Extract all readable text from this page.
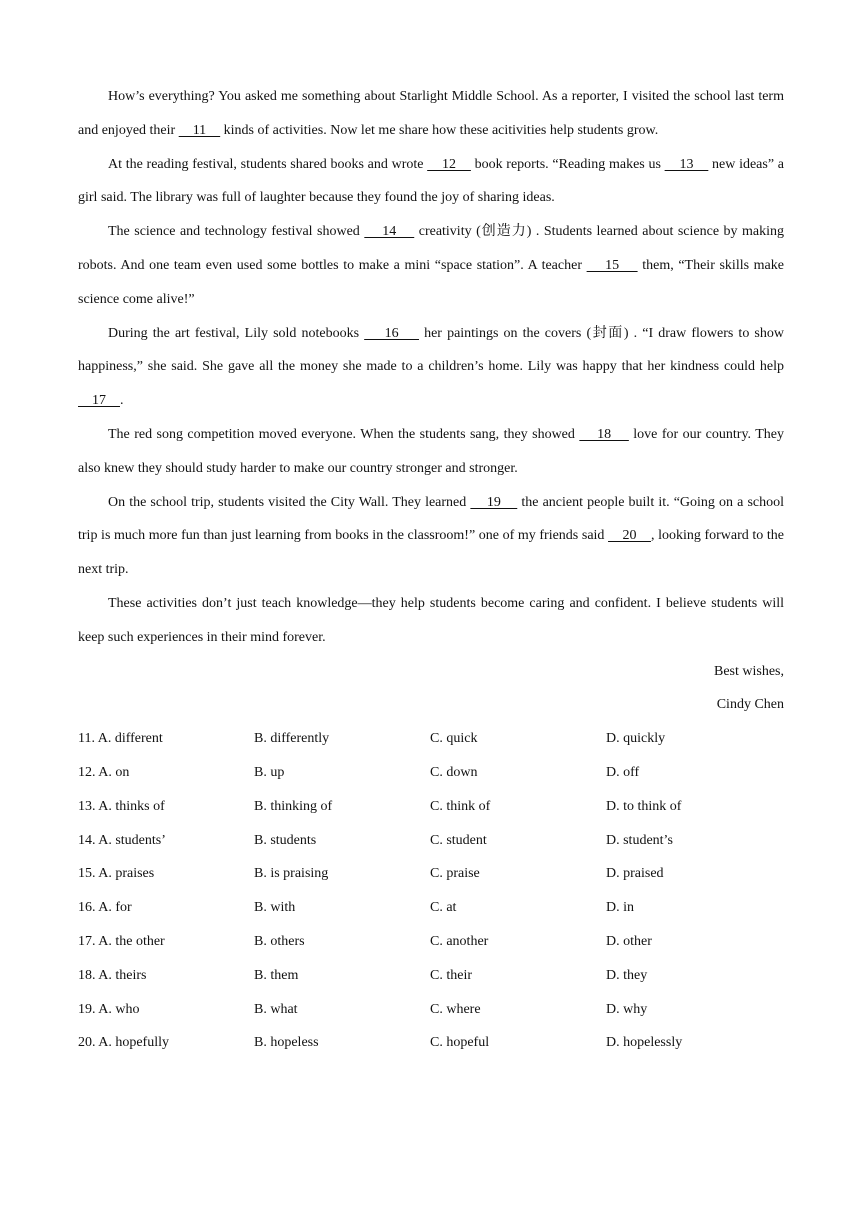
How’s everything? You asked me something about Starlight Middle School. As a reporter, I visited the school last term and enjoyed their     11     kinds of activities. Now let me share how these acitivities help students grow.

At the reading festival, students shared books and wrote     12     book reports. “Reading makes us     13     new ideas” a girl said. The library was full of laughter because they found the joy of sharing ideas.

The science and technology festival showed     14     creativity (创造力) . Students learned about science by making robots. And one team even used some bottles to make a mini “space station”. A teacher     15     them, “Their skills make science come alive!”

During the art festival, Lily sold notebooks     16     her paintings on the covers (封面) . “I draw flowers to show happiness,” she said. She gave all the money she made to a children’s home. Lily was happy that her kindness could help     17    .

The red song competition moved everyone. When the students sang, they showed     18     love for our country. They also knew they should study harder to make our country stronger and stronger.

On the school trip, students visited the City Wall. They learned     19     the ancient people built it. “Going on a school trip is much more fun than just learning from books in the classroom!” one of my friends said     20    , looking forward to the next trip.

These activities don’t just teach knowledge—they help students become caring and confident. I believe students will keep such experiences in their mind forever.

Best wishes,

Cindy Chen

11. A. different	B. differently	C. quick	D. quickly
12. A. on	B. up	C. down	D. off
13. A. thinks of	B. thinking of	C. think of	D. to think of
14. A. students’	B. students	C. student	D. student’s
15. A. praises	B. is praising	C. praise	D. praised
16. A. for	B. with	C. at	D. in
17. A. the other	B. others	C. another	D. other
18. A. theirs	B. them	C. their	D. they
19. A. who	B. what	C. where	D. why
20. A. hopefully	B. hopeless	C. hopeful	D. hopelessly
